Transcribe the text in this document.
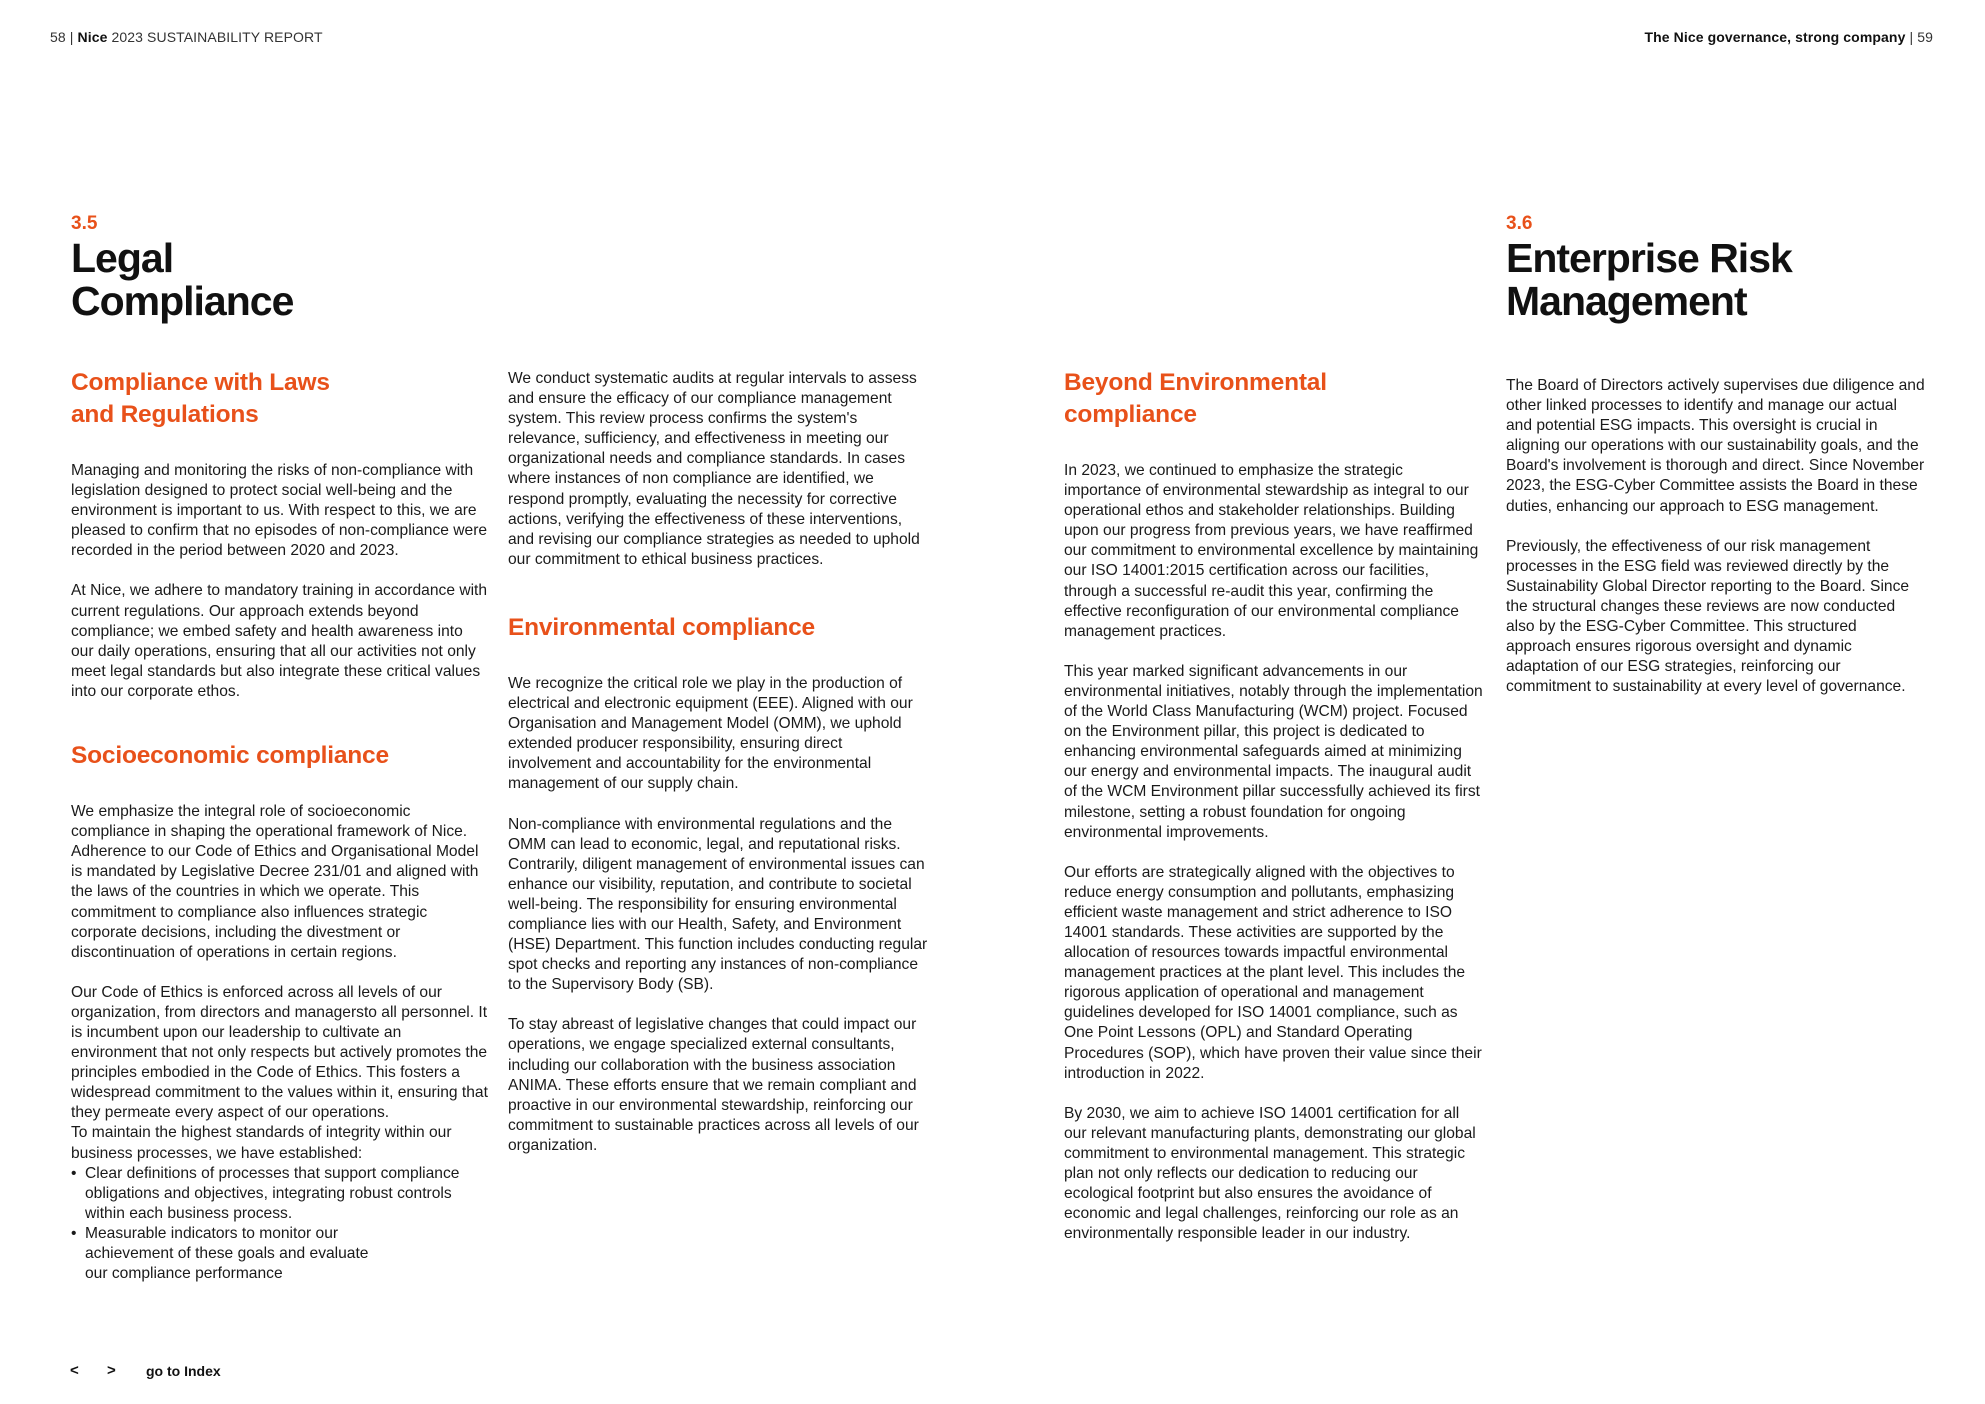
58 | Nice 2023 SUSTAINABILITY REPORT	The Nice governance, strong company | 59
3.5
Legal
Compliance
3.6
Enterprise Risk
Management
Compliance with Laws
and Regulations

Managing and monitoring the risks of non-compliance with legislation designed to protect social well-being and the environment is important to us. With respect to this, we are pleased to confirm that no episodes of non-compliance were recorded in the period between 2020 and 2023.

At Nice, we adhere to mandatory training in accordance with current regulations. Our approach extends beyond compliance; we embed safety and health awareness into our daily operations, ensuring that all our activities not only meet legal standards but also integrate these critical values into our corporate ethos.

Socioeconomic compliance

We emphasize the integral role of socioeconomic compliance in shaping the operational framework of Nice. Adherence to our Code of Ethics and Organisational Model is mandated by Legislative Decree 231/01 and aligned with the laws of the countries in which we operate. This commitment to compliance also influences strategic corporate decisions, including the divestment or discontinuation of operations in certain regions.

Our Code of Ethics is enforced across all levels of our organization, from directors and managersto all personnel. It is incumbent upon our leadership to cultivate an environment that not only respects but actively promotes the principles embodied in the Code of Ethics. This fosters a widespread commitment to the values within it, ensuring that they permeate every aspect of our operations.

To maintain the highest standards of integrity within our business processes, we have established:

• Clear definitions of processes that support compliance obligations and objectives, integrating robust controls within each business process.
• Measurable indicators to monitor our
achievement of these goals and evaluate
our compliance performance

We conduct systematic audits at regular intervals to assess and ensure the efficacy of our compliance management system. This review process confirms the system's relevance, sufficiency, and effectiveness in meeting our organizational needs and compliance standards. In cases where instances of non compliance are identified, we respond promptly, evaluating the necessity for corrective actions, verifying the effectiveness of these interventions, and revising our compliance strategies as needed to uphold our commitment to ethical business practices.

Environmental compliance

We recognize the critical role we play in the production of electrical and electronic equipment (EEE). Aligned with our Organisation and Management Model (OMM), we uphold extended producer responsibility, ensuring direct involvement and accountability for the environmental management of our supply chain.

Non-compliance with environmental regulations and the OMM can lead to economic, legal, and reputational risks. Contrarily, diligent management of environmental issues can enhance our visibility, reputation, and contribute to societal well-being. The responsibility for ensuring environmental compliance lies with our Health, Safety, and Environment (HSE) Department. This function includes conducting regular spot checks and reporting any instances of non-compliance to the Supervisory Body (SB).

To stay abreast of legislative changes that could impact our operations, we engage specialized external consultants, including our collaboration with the business association ANIMA. These efforts ensure that we remain compliant and proactive in our environmental stewardship, reinforcing our commitment to sustainable practices across all levels of our organization.

Beyond Environmental
compliance

In 2023, we continued to emphasize the strategic importance of environmental stewardship as integral to our operational ethos and stakeholder relationships. Building upon our progress from previous years, we have reaffirmed our commitment to environmental excellence by maintaining our ISO 14001:2015 certification across our facilities, through a successful re-audit this year, confirming the effective reconfiguration of our environmental compliance management practices.

This year marked significant advancements in our environmental initiatives, notably through the implementation of the World Class Manufacturing (WCM) project. Focused on the Environment pillar, this project is dedicated to enhancing environmental safeguards aimed at minimizing our energy and environmental impacts. The inaugural audit of the WCM Environment pillar successfully achieved its first milestone, setting a robust foundation for ongoing environmental improvements.

Our efforts are strategically aligned with the objectives to reduce energy consumption and pollutants, emphasizing efficient waste management and strict adherence to ISO 14001 standards. These activities are supported by the allocation of resources towards impactful environmental management practices at the plant level. This includes the rigorous application of operational and management guidelines developed for ISO 14001 compliance, such as One Point Lessons (OPL) and Standard Operating Procedures (SOP), which have proven their value since their introduction in 2022.

By 2030, we aim to achieve ISO 14001 certification for all our relevant manufacturing plants, demonstrating our global commitment to environmental management. This strategic plan not only reflects our dedication to reducing our ecological footprint but also ensures the avoidance of economic and legal challenges, reinforcing our role as an environmentally responsible leader in our industry.

The Board of Directors actively supervises due diligence and other linked processes to identify and manage our actual and potential ESG impacts. This oversight is crucial in aligning our operations with our sustainability goals, and the Board's involvement is thorough and direct. Since November 2023, the ESG-Cyber Committee assists the Board in these duties, enhancing our approach to ESG management.

Previously, the effectiveness of our risk management processes in the ESG field was reviewed directly by the Sustainability Global Director reporting to the Board. Since the structural changes these reviews are now conducted also by the ESG-Cyber Committee. This structured approach ensures rigorous oversight and dynamic adaptation of our ESG strategies, reinforcing our commitment to sustainability at every level of governance.

<	>	go to Index
